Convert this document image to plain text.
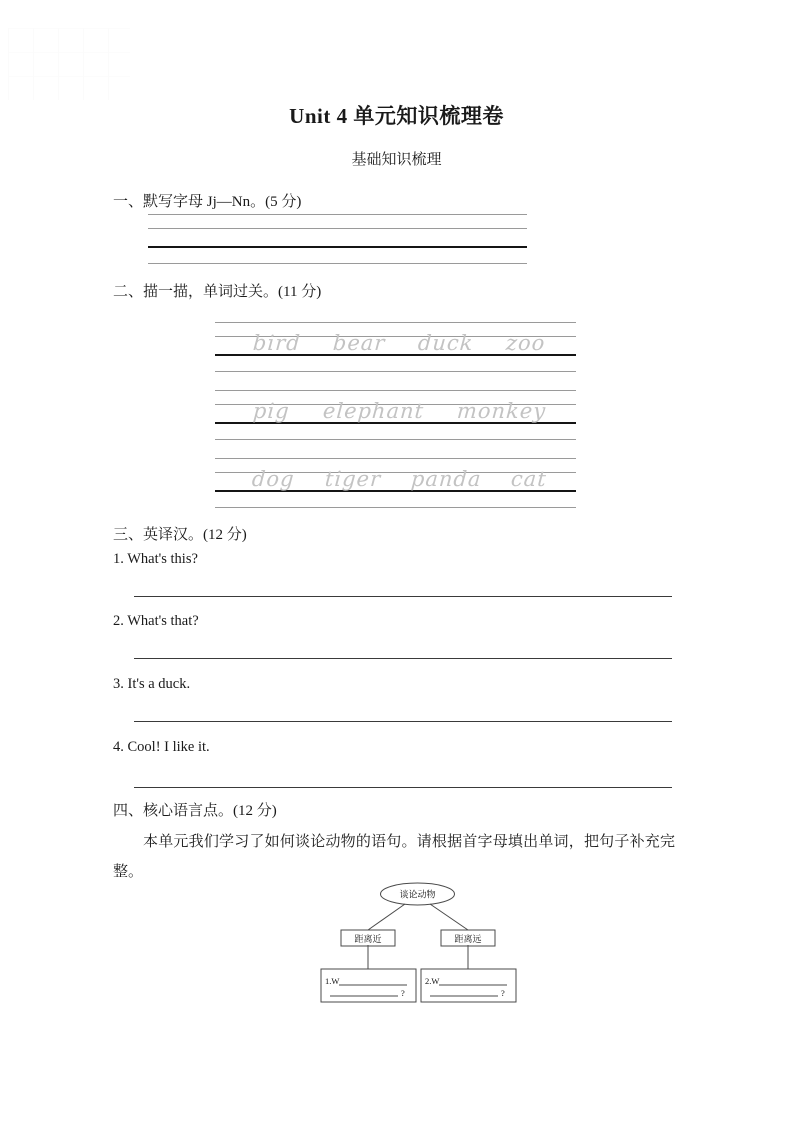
Unit 4 单元知识梳理卷
基础知识梳理
一、默写字母 Jj—Nn。(5 分)
二、描一描，单词过关。(11 分)
bird bear duck zoo
pig elephant monkey
dog tiger panda cat
三、英译汉。(12 分)
1. What's this?
2. What's that?
3. It's a duck.
4. Cool! I like it.
四、核心语言点。(12 分)
本单元我们学习了如何谈论动物的语句。请根据首字母填出单词，把句子补充完整。
谈论动物
距离近	距离远
1.W
?
2.W
?
